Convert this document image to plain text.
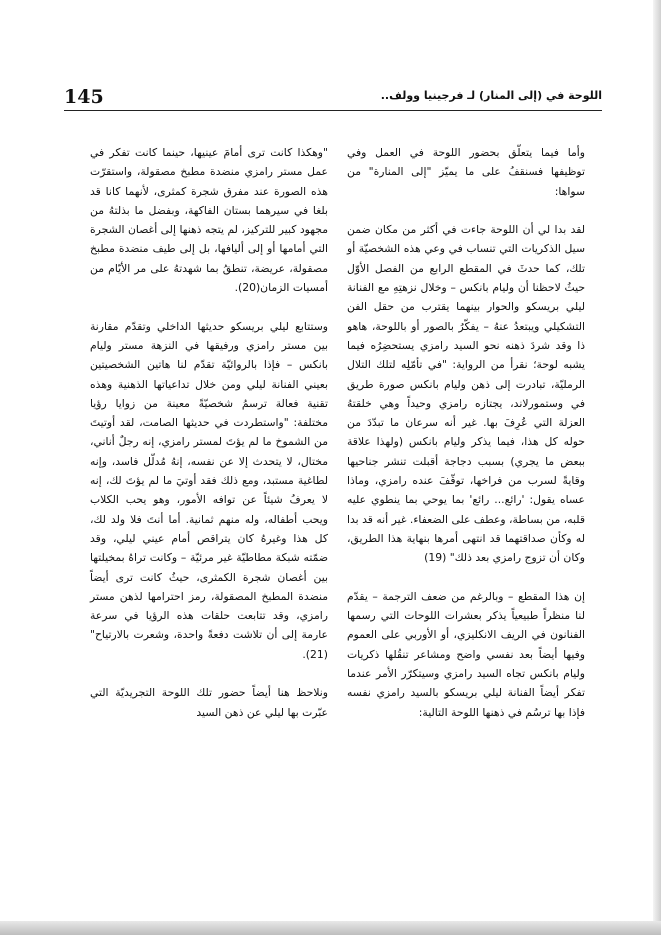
145	اللوحة في (إلى المنار) لـ فرجينيا وولف..

وأما فيما يتعلّق بحضور اللوحة في العمل وفي توظيفها فسنقفُ على ما يميّز "إلى المنارة" من سواها:

لقد بدا لي أن اللوحة جاءت في أكثر من مكان ضمن سيل الذكريات التي تنساب في وعي هذه الشخصيّة أو تلك، كما حدثَ في المقطع الرابع من الفصل الأوّل حيثُ لاحظنا أن وليام بانكس – وخلال نزهتِهِ مع الفنانة ليلي بريسكو والحوار بينهما يقترب من حقل الفن التشكيلي ويبتعدُ عنهُ – يفكّرُ بالصور أو باللوحة، هاهو ذا وقد شردَ ذهنه نحو السيد رامزي يستحضِرُه فيما يشبه لوحة؛ نقرأ من الرواية: "في تأمّلِه لتلك التلال الرمليّة، تبادرت إلى ذهن وليام بانكس صورة طريق في وستمورلاند، يجتازه رامزي وحيداً وهي خلقتهُ العزلة التي عُرِفَ بها. غير أنه سرعان ما تبدّدَ من حوله كل هذا، فيما يذكر وليام بانكس (ولهذا علاقة ببعض ما يجري) بسبب دجاجة أقبلت تنشر جناحيها وقايةً لسرب من فراخها، توقّفَ عنده رامزي، وماذا عساه يقول: 'رائع... رائع' بما يوحي بما ينطوي عليه قلبه، من بساطة، وعطف على الضعفاء. غير أنه قد بدا له وكأن صداقتهما قد انتهى أمرها بنهاية هذا الطريق، وكان أن تزوج رامزي بعد ذلك" (19)

إن هذا المقطع – وبالرغم من ضعف الترجمة – يقدّم لنا منظراً طبيعياً يذكر بعشرات اللوحات التي رسمها الفنانون في الريف الانكليزي، أو الأوربي على العموم وفيها أيضاً بعد نفسي واضح ومشاعر تنقُلها ذكريات وليام بانكس تجاه السيد رامزي وسيتكرّر الأمر عندما تفكر أيضاً الفنانة ليلي بريسكو بالسيد رامزي نفسه فإذا بها ترسُم في ذهنها اللوحة التالية:

"وهكذا كانت ترى أمامَ عينيها، حينما كانت تفكر في عمل مستر رامزي منضدة مطبخ مصقولة، واستقرّت هذه الصورة عند مفرق شجرة كمثرى، لأنهما كانا قد بلغا في سيرهما بستان الفاكهة، وبفضل ما بذلتهُ من مجهود كبير للتركيز، لم يتجه ذهنها إلى أغصان الشجرة التي أمامها أو إلى أليافها، بل إلى طيف منضدة مطبخ مصقولة، عريضة، تنطقُ بما شهدتهُ على مر الأيّام من أمسيات الزمان(20).

وستتابع ليلي بريسكو حديثها الداخلي وتقدّم مقارنة بين مستر رامزي ورفيقها في النزهة مستر وليام بانكس – فإذا بالروائيّة تقدّم لنا هاتين الشخصيتين بعيني الفنانة ليلي ومن خلال تداعياتها الذهنية وهذه تقنية فعالة ترسمُ شخصيّةً معينة من زوايا رؤيا مختلفة: "واستطردت في حديثها الصامت، لقد أوتيتَ من الشموخ ما لم يؤتَ لمستر رامزي، إنه رجلٌ أناني، مختال، لا يتحدث إلا عن نفسه، إنهُ مُدلّل فاسد، وإنه لطاغية مستبد، ومع ذلك فقد أوتيَ ما لم يؤتَ لك، إنه لا يعرفُ شيئاً عن توافه الأمور، وهو يحب الكلاب ويحب أطفاله، وله منهم ثمانية. أما أنتَ فلا ولد لك، كل هذا وغيرهُ كان يتراقص أمام عيني ليلي، وقد ضمّته شبكة مطاطيّة غير مرئيّة – وكانت تراهُ بمخيلتها بين أغصان شجرة الكمثرى، حيثُ كانت ترى أيضاً منضدة المطبخ المصقولة، رمز احترامها لذهن مستر رامزي، وقد تتابعت حلقات هذه الرؤيا في سرعة عارمة إلى أن تلاشت دفعةً واحدة، وشعرت بالارتياح"(21).

ونلاحظ هنا أيضاً حضور تلك اللوحة التجريديّة التي عبّرت بها ليلي عن ذهن السيد
